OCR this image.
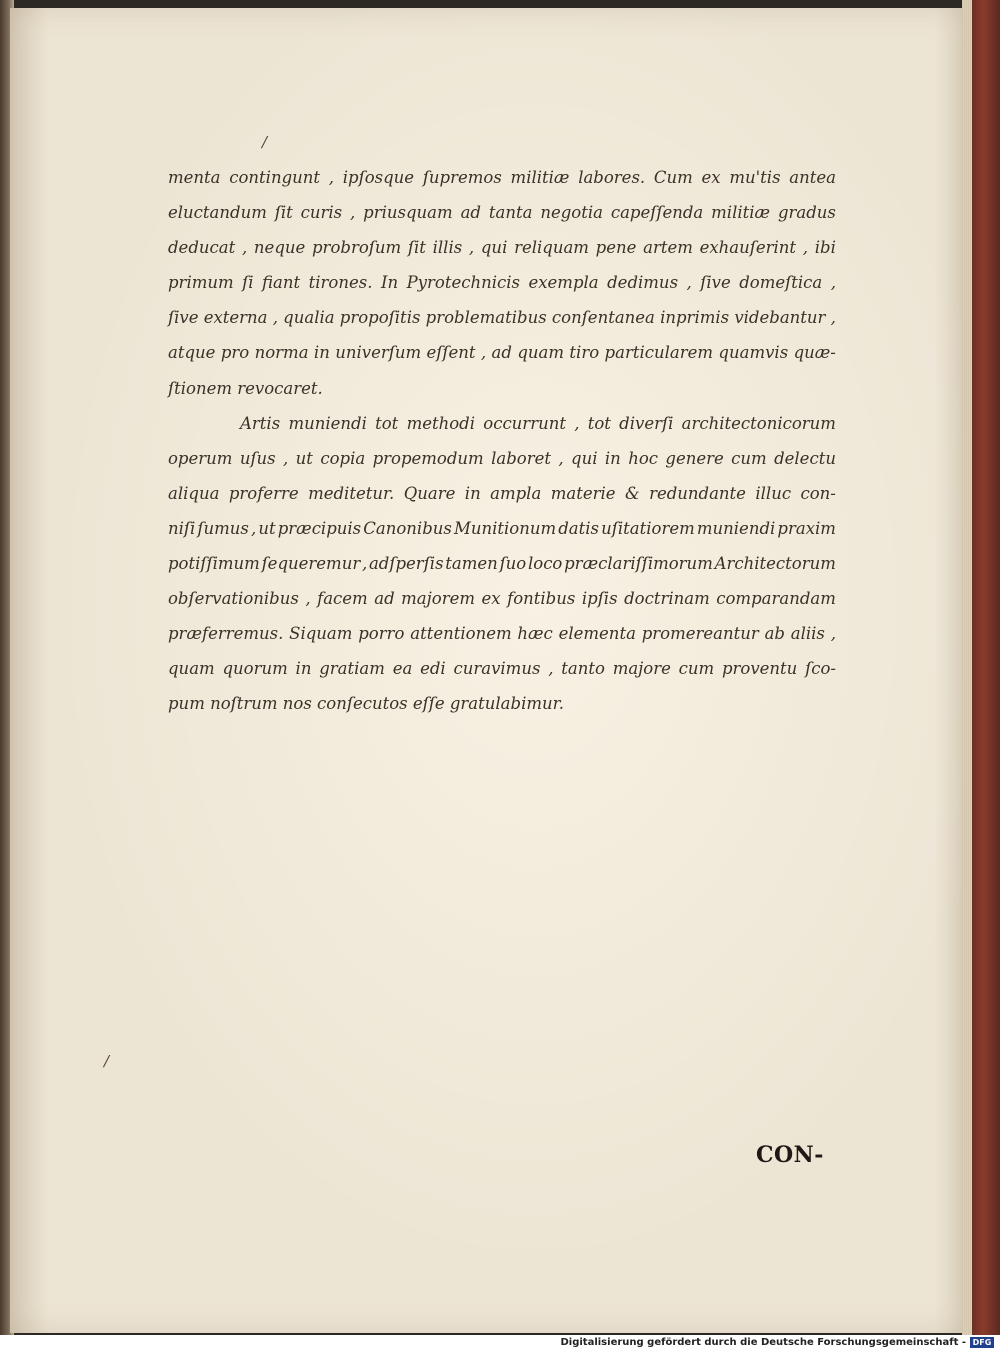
/
/
menta contingunt , ipſosque ſupremos militiæ labores. Cum ex mu'tis antea
eluctandum ſit curis , priusquam ad tanta negotia capeſſenda militiæ gradus
deducat , neque probroſum ſit illis , qui reliquam pene artem exhauſerint , ibi
primum ſi fiant tirones. In Pyrotechnicis exempla dedimus , ſive domeſtica ,
ſive externa , qualia propoſitis problematibus conſentanea inprimis videbantur ,
atque pro norma in univerſum eſſent , ad quam tiro particularem quamvis quæ-
ſtionem revocaret.
Artis muniendi tot methodi occurrunt , tot diverſi architectonicorum
operum uſus , ut copia propemodum laboret , qui in hoc genere cum delectu
aliqua proferre meditetur. Quare in ampla materie & redundante illuc con-
niſi ſumus , ut præcipuis Canonibus Munitionum datis uſitatiorem muniendi praxim
potiſſimum ſequeremur , adſperſis tamen ſuo loco præclariſſimorum Architectorum
obſervationibus , facem ad majorem ex fontibus ipſis doctrinam comparandam
præferremus. Siquam porro attentionem hæc elementa promereantur ab aliis ,
quam quorum in gratiam ea edi curavimus , tanto majore cum proventu ſco-
pum noſtrum nos conſecutos eſſe gratulabimur.
CON-
Digitalisierung gefördert durch die Deutsche Forschungsgemeinschaft - DFG
